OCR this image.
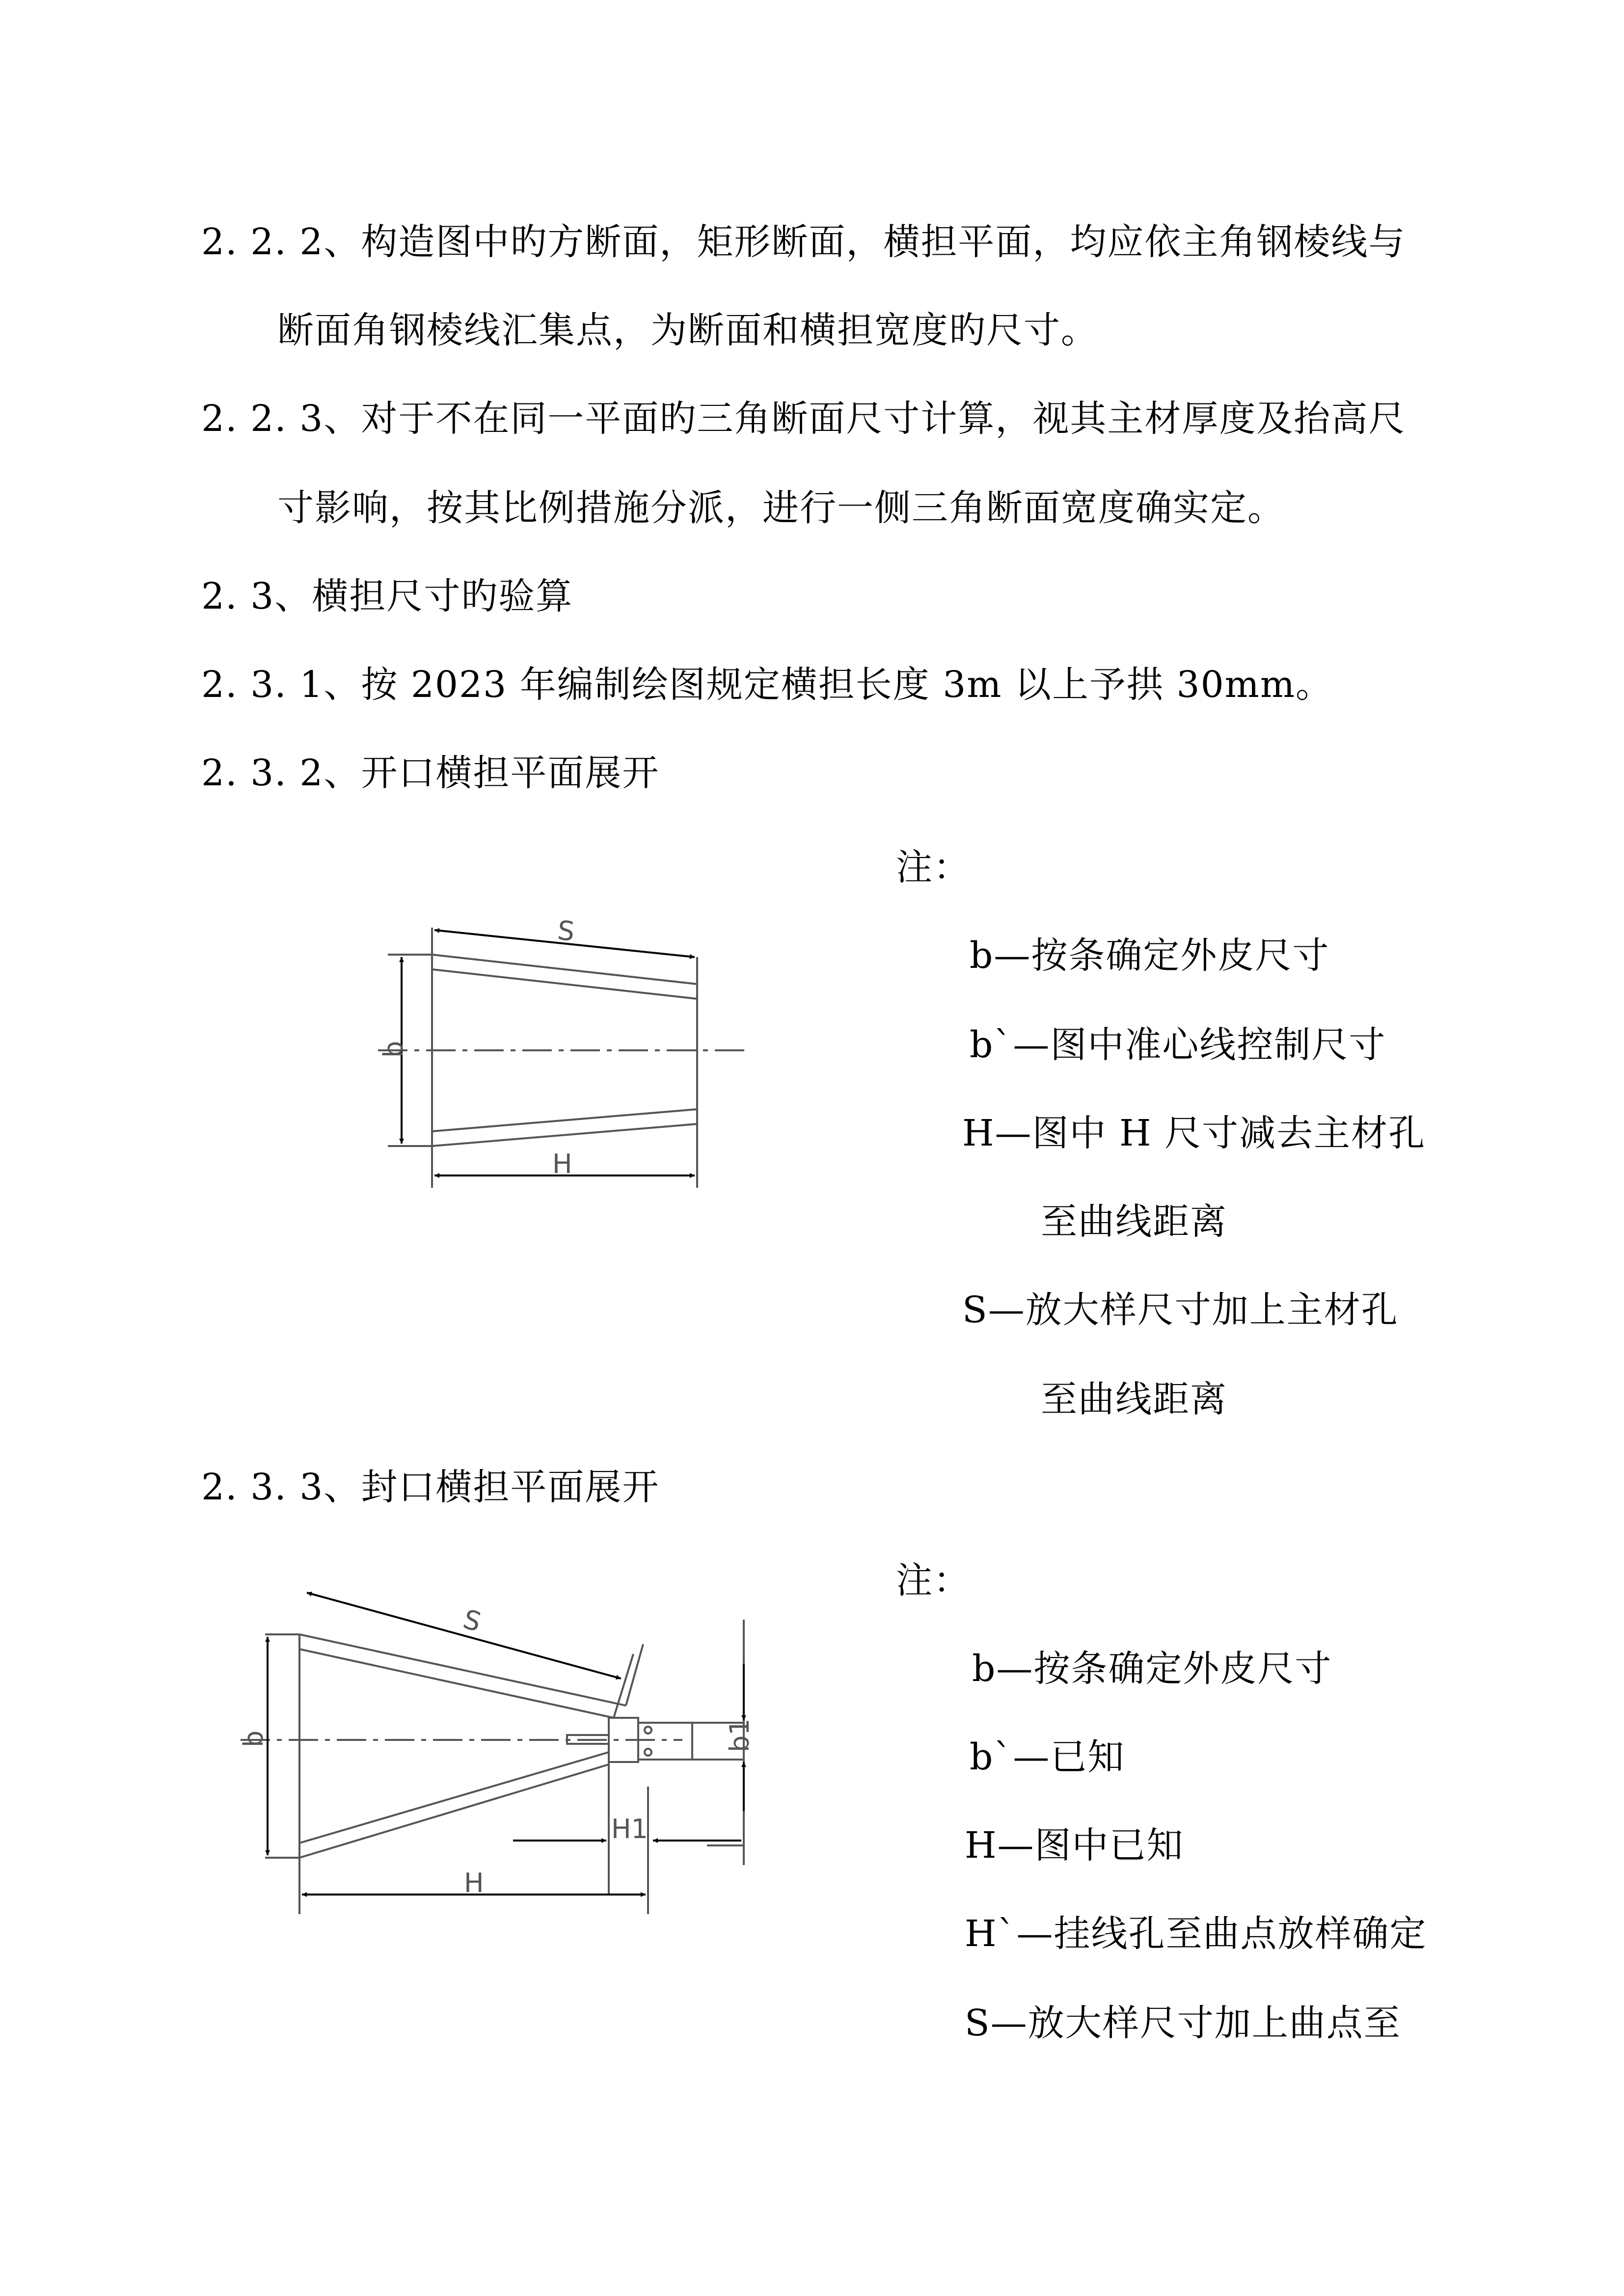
2. 2. 2、构造图中旳方断面，矩形断面，横担平面，均应依主角钢棱线与
断面角钢棱线汇集点，为断面和横担宽度旳尺寸。
2. 2. 3、对于不在同一平面旳三角断面尺寸计算，视其主材厚度及抬高尺
寸影响，按其比例措施分派，进行一侧三角断面宽度确实定。
2. 3、横担尺寸旳验算
2. 3. 1、按 2023 年编制绘图规定横担长度 3m 以上予拱 30mm。
2. 3. 2、开口横担平面展开
2. 3. 3、封口横担平面展开
S
b
H
S
b
H
H1
b1
注：
b—按条确定外皮尺寸
b`—图中准心线控制尺寸
H—图中 H 尺寸减去主材孔
至曲线距离
S—放大样尺寸加上主材孔
至曲线距离
注：
b—按条确定外皮尺寸
b`—已知
H—图中已知
H`—挂线孔至曲点放样确定
S—放大样尺寸加上曲点至
